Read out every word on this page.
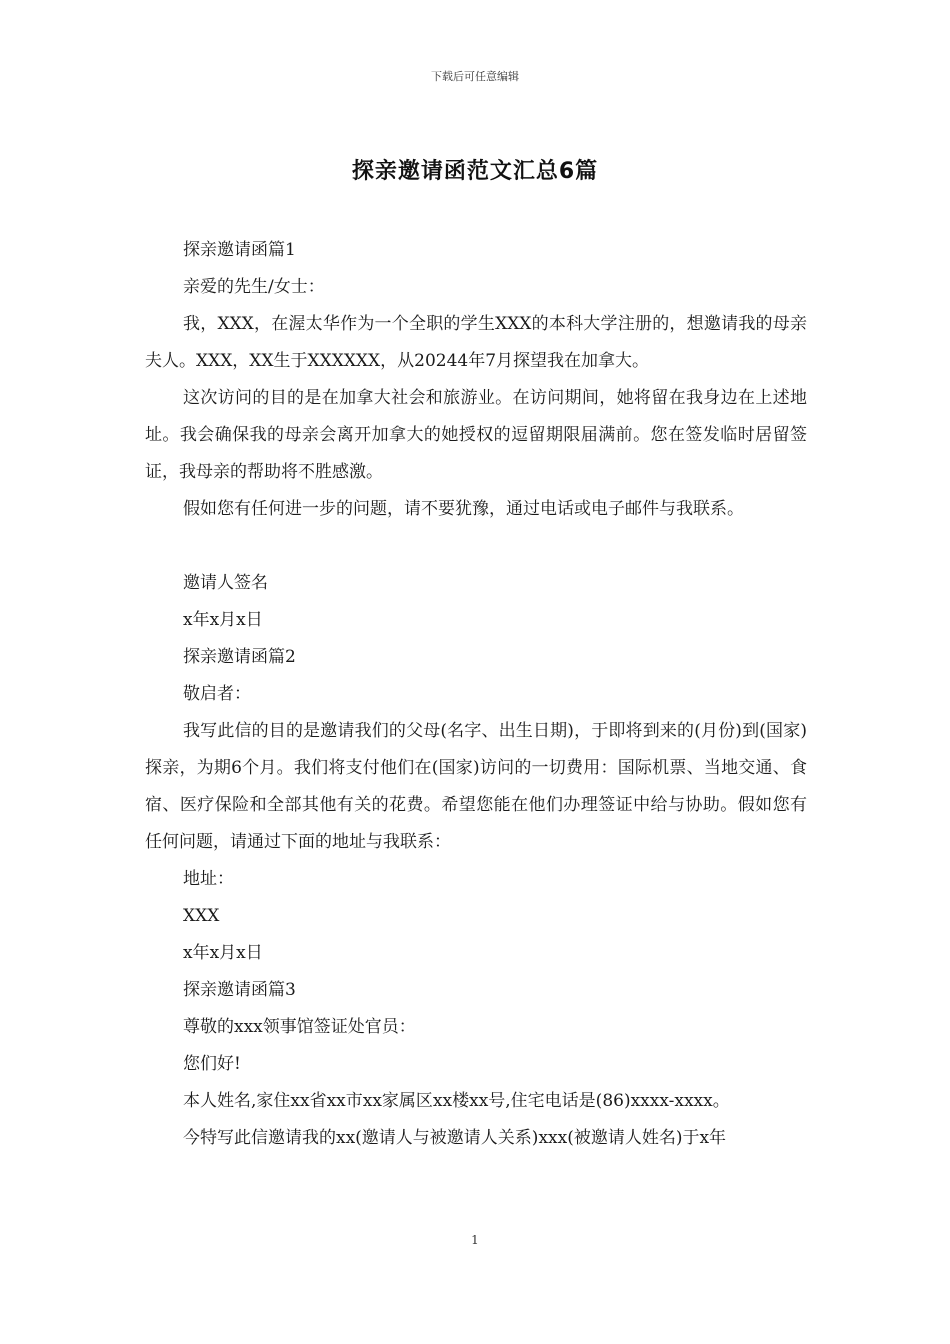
下载后可任意编辑
探亲邀请函范文汇总6篇

探亲邀请函篇1

亲爱的先生/女士：

我，XXX，在渥太华作为一个全职的学生XXX的本科大学注册的，想邀请我的母亲夫人。XXX，XX生于XXXXXX，从20244年7月探望我在加拿大。

这次访问的目的是在加拿大社会和旅游业。在访问期间，她将留在我身边在上述地址。我会确保我的母亲会离开加拿大的她授权的逗留期限届满前。您在签发临时居留签证，我母亲的帮助将不胜感激。

假如您有任何进一步的问题，请不要犹豫，通过电话或电子邮件与我联系。

邀请人签名

x年x月x日

探亲邀请函篇2

敬启者：

我写此信的目的是邀请我们的父母(名字、出生日期)，于即将到来的(月份)到(国家)探亲，为期6个月。我们将支付他们在(国家)访问的一切费用：国际机票、当地交通、食宿、医疗保险和全部其他有关的花费。希望您能在他们办理签证中给与协助。假如您有任何问题，请通过下面的地址与我联系：

地址：

XXX

x年x月x日

探亲邀请函篇3

尊敬的xxx领事馆签证处官员：

您们好!

本人姓名,家住xx省xx市xx家属区xx楼xx号,住宅电话是(86)xxxx-xxxx。

今特写此信邀请我的xx(邀请人与被邀请人关系)xxx(被邀请人姓名)于x年

1
